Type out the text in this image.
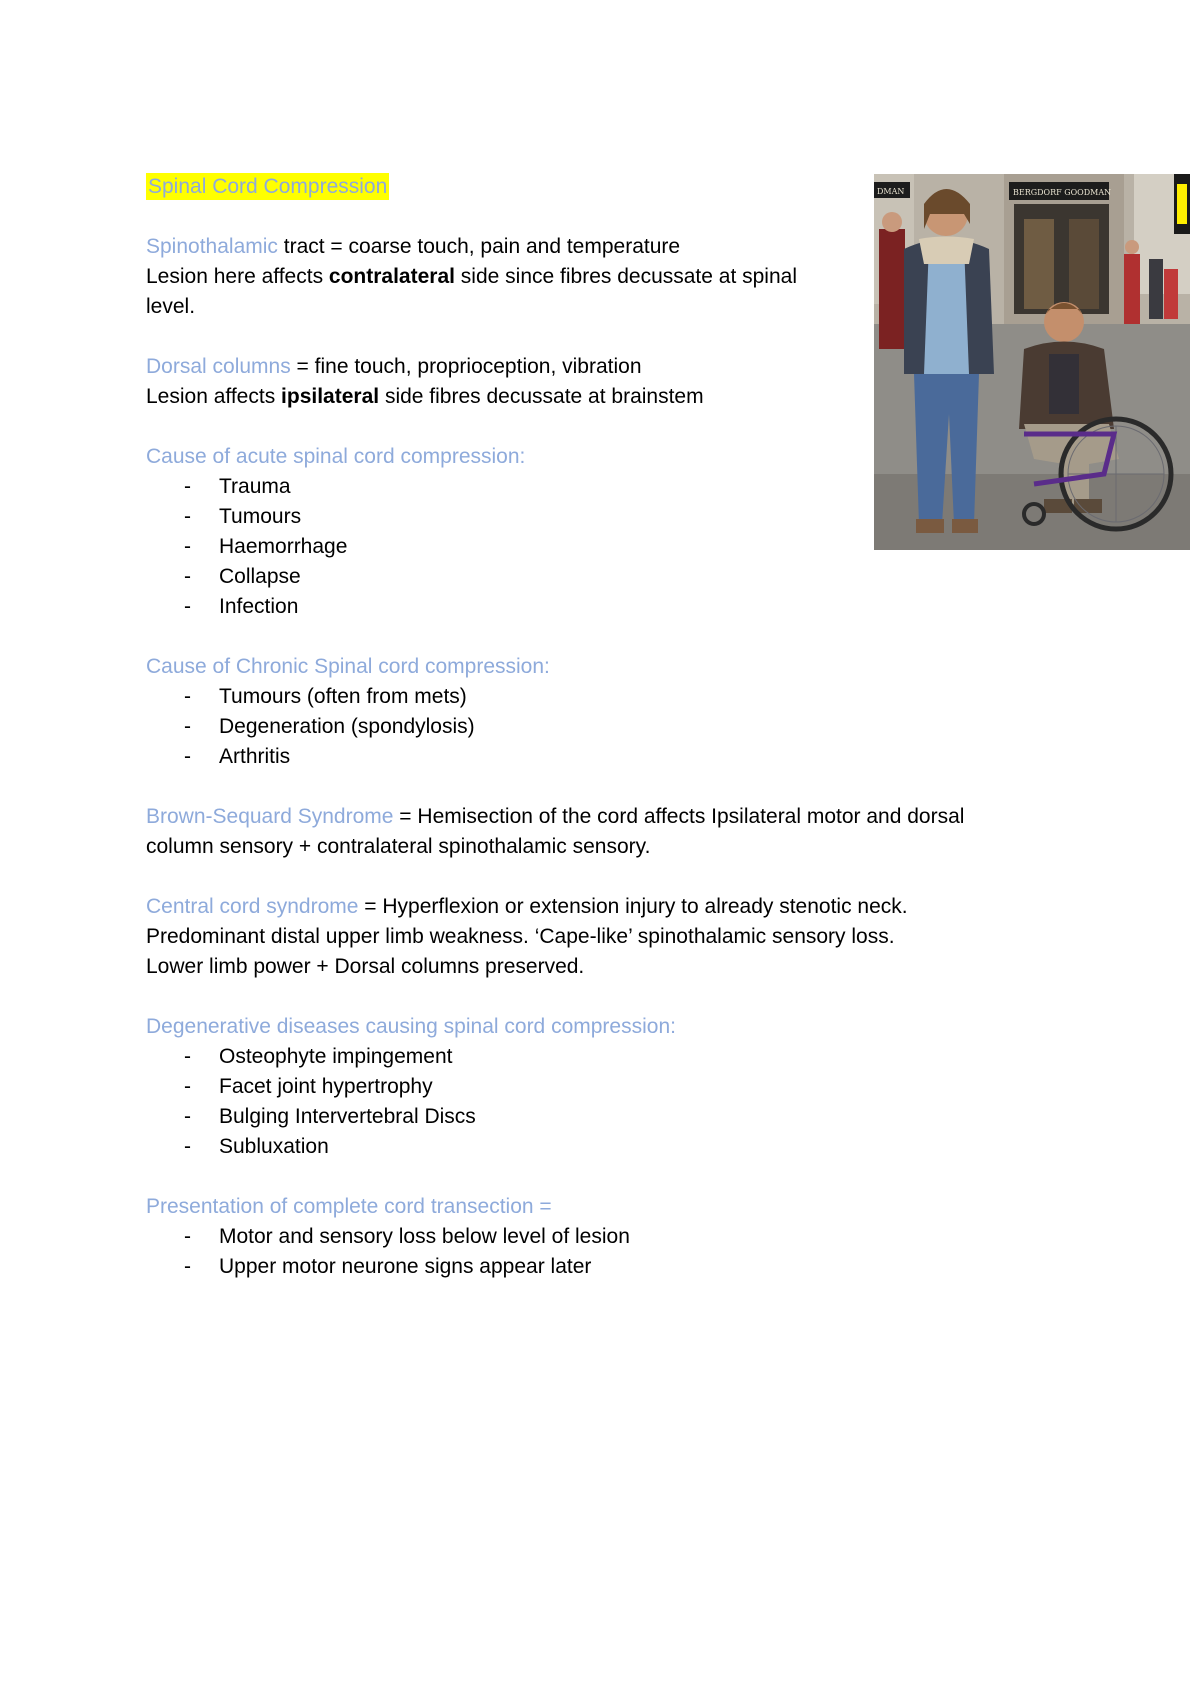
Spinal Cord Compression
Spinothalamic tract = coarse touch, pain and temperature
Lesion here affects contralateral side since fibres decussate at spinal
level.
Dorsal columns = fine touch, proprioception, vibration
Lesion affects ipsilateral side fibres decussate at brainstem
Cause of acute spinal cord compression:
- Trauma
- Tumours
- Haemorrhage
- Collapse
- Infection
Cause of Chronic Spinal cord compression:
- Tumours (often from mets)
- Degeneration (spondylosis)
- Arthritis
Brown-Sequard Syndrome = Hemisection of the cord affects Ipsilateral motor and dorsal
column sensory + contralateral spinothalamic sensory.
Central cord syndrome = Hyperflexion or extension injury to already stenotic neck.
Predominant distal upper limb weakness. ‘Cape-like’ spinothalamic sensory loss.
Lower limb power + Dorsal columns preserved.
Degenerative diseases causing spinal cord compression:
- Osteophyte impingement
- Facet joint hypertrophy
- Bulging Intervertebral Discs
- Subluxation
Presentation of complete cord transection =
- Motor and sensory loss below level of lesion
- Upper motor neurone signs appear later
DMAN	BERGDORF GOODMAN
